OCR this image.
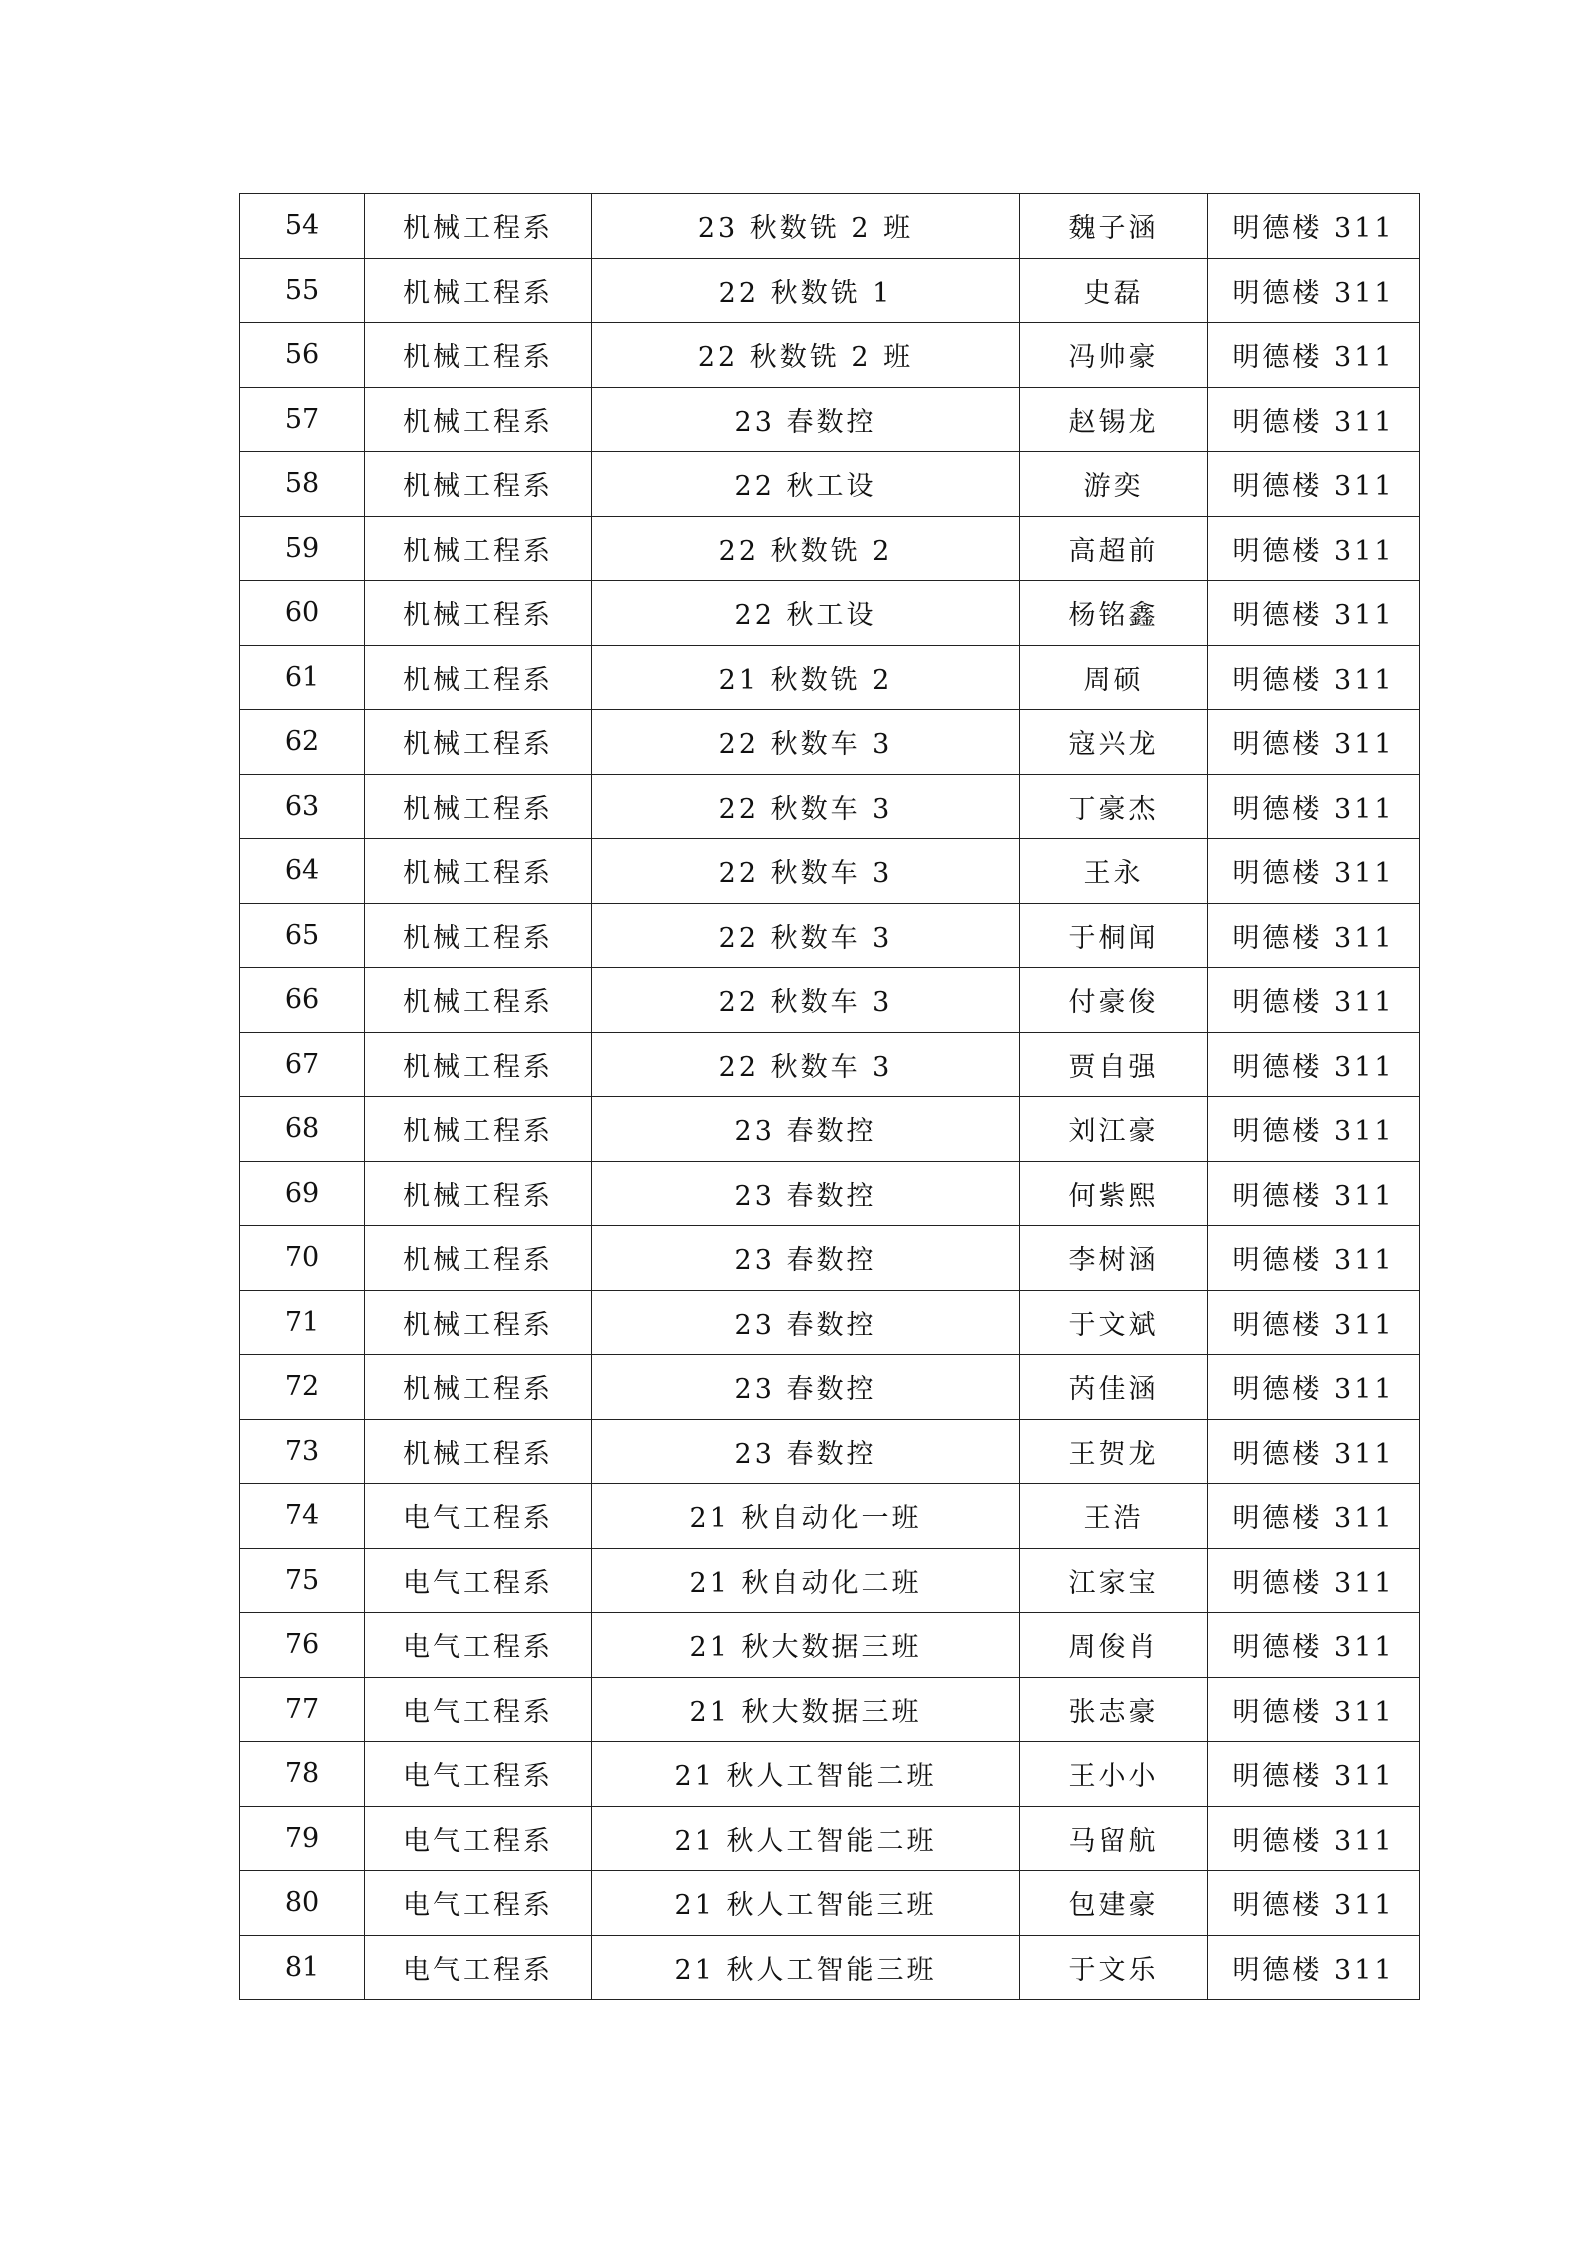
54	机械工程系	23 秋数铣 2 班	魏子涵	明德楼 311
55	机械工程系	22 秋数铣 1	史磊	明德楼 311
56	机械工程系	22 秋数铣 2 班	冯帅豪	明德楼 311
57	机械工程系	23 春数控	赵锡龙	明德楼 311
58	机械工程系	22 秋工设	游奕	明德楼 311
59	机械工程系	22 秋数铣 2	高超前	明德楼 311
60	机械工程系	22 秋工设	杨铭鑫	明德楼 311
61	机械工程系	21 秋数铣 2	周硕	明德楼 311
62	机械工程系	22 秋数车 3	寇兴龙	明德楼 311
63	机械工程系	22 秋数车 3	丁豪杰	明德楼 311
64	机械工程系	22 秋数车 3	王永	明德楼 311
65	机械工程系	22 秋数车 3	于桐闻	明德楼 311
66	机械工程系	22 秋数车 3	付豪俊	明德楼 311
67	机械工程系	22 秋数车 3	贾自强	明德楼 311
68	机械工程系	23 春数控	刘江豪	明德楼 311
69	机械工程系	23 春数控	何紫熙	明德楼 311
70	机械工程系	23 春数控	李树涵	明德楼 311
71	机械工程系	23 春数控	于文斌	明德楼 311
72	机械工程系	23 春数控	芮佳涵	明德楼 311
73	机械工程系	23 春数控	王贺龙	明德楼 311
74	电气工程系	21 秋自动化一班	王浩	明德楼 311
75	电气工程系	21 秋自动化二班	江家宝	明德楼 311
76	电气工程系	21 秋大数据三班	周俊肖	明德楼 311
77	电气工程系	21 秋大数据三班	张志豪	明德楼 311
78	电气工程系	21 秋人工智能二班	王小小	明德楼 311
79	电气工程系	21 秋人工智能二班	马留航	明德楼 311
80	电气工程系	21 秋人工智能三班	包建豪	明德楼 311
81	电气工程系	21 秋人工智能三班	于文乐	明德楼 311
